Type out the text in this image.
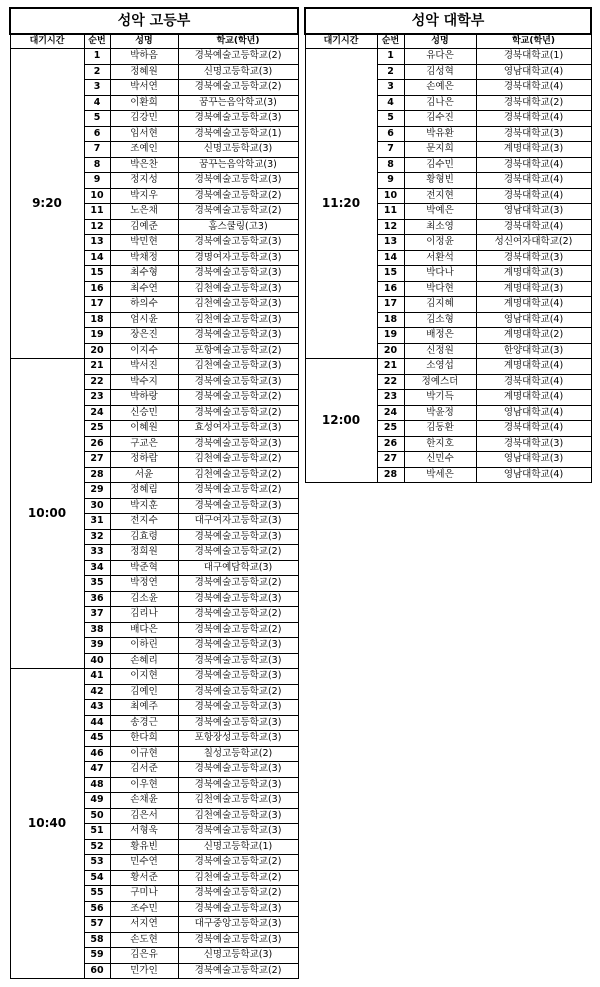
성악 고등부			
대기시간	순번	성명	학교(학년)
9:20	1	박하음	경북예술고등학교(2)
	2	정혜원	신명고등학교(3)
	3	박서연	경북예술고등학교(2)
	4	이환희	꿈꾸는음악학교(3)
	5	김강민	경북예술고등학교(3)
	6	임서현	경북예술고등학교(1)
	7	조예인	신명고등학교(3)
	8	박은찬	꿈꾸는음악학교(3)
	9	정지성	경북예술고등학교(3)
	10	박지우	경북예술고등학교(2)
	11	노은채	경북예술고등학교(2)
	12	김예준	홈스쿨링(고3)
	13	박민현	경북예술고등학교(3)
	14	박채정	경명여자고등학교(3)
	15	최수형	경북예술고등학교(3)
	16	최수연	김천예술고등학교(3)
	17	하의수	김천예술고등학교(3)
	18	엄시윤	김천예술고등학교(3)
	19	장은진	경북예술고등학교(3)
	20	이지수	포항예술고등학교(2)
10:00	21	박서진	김천예술고등학교(3)
	22	박수지	경북예술고등학교(3)
	23	박하랑	경북예술고등학교(2)
	24	신승민	경북예술고등학교(2)
	25	이혜원	효성여자고등학교(3)
	26	구교은	경북예술고등학교(3)
	27	정하람	김천예술고등학교(2)
	28	서윤	김천예술고등학교(2)
	29	정혜림	경북예술고등학교(2)
	30	박지훈	경북예술고등학교(3)
	31	전지수	대구여자고등학교(3)
	32	김효령	경북예술고등학교(3)
	33	정희원	경북예술고등학교(2)
	34	박준혁	대구예담학교(3)
	35	박정연	경북예술고등학교(2)
	36	김소윤	경북예술고등학교(3)
	37	김리나	경북예술고등학교(2)
	38	배다은	경북예술고등학교(2)
	39	이하린	경북예술고등학교(3)
	40	손혜리	경북예술고등학교(3)
10:40	41	이지현	경북예술고등학교(3)
	42	김예인	경북예술고등학교(2)
	43	최예주	경북예술고등학교(3)
	44	송경근	경북예술고등학교(3)
	45	한다희	포항장성고등학교(3)
	46	이규현	칠성고등학교(2)
	47	김서준	경북예술고등학교(3)
	48	이우현	경북예술고등학교(3)
	49	손채윤	김천예술고등학교(3)
	50	김은서	김천예술고등학교(3)
	51	서형욱	경북예술고등학교(3)
	52	황유빈	신명고등학교(1)
	53	민수연	경북예술고등학교(2)
	54	황서준	김천예술고등학교(2)
	55	구미나	경북예술고등학교(2)
	56	조수민	경북예술고등학교(3)
	57	서지연	대구중앙고등학교(3)
	58	손도현	경북예술고등학교(3)
	59	김은유	신명고등학교(3)
	60	민가인	경북예술고등학교(2)
성악 대학부			
대기시간	순번	성명	학교(학년)
11:20	1	유다은	경북대학교(1)
	2	김성혁	영남대학교(4)
	3	손예은	경북대학교(4)
	4	김나은	경북대학교(2)
	5	김수진	경북대학교(4)
	6	박유환	경북대학교(3)
	7	문지희	계명대학교(3)
	8	김수민	경북대학교(4)
	9	황형빈	경북대학교(4)
	10	전지현	경북대학교(4)
	11	박예은	영남대학교(3)
	12	최소영	경북대학교(4)
	13	이정윤	성신여자대학교(2)
	14	서환석	경북대학교(3)
	15	박다나	계명대학교(3)
	16	박다현	계명대학교(3)
	17	김지혜	계명대학교(4)
	18	김소형	영남대학교(4)
	19	배정은	계명대학교(2)
	20	신정원	한양대학교(3)
12:00	21	소영섭	계명대학교(4)
	22	정예스더	경북대학교(4)
	23	박기득	계명대학교(4)
	24	박윤정	영남대학교(4)
	25	김동환	경북대학교(4)
	26	한지호	경북대학교(3)
	27	신민수	영남대학교(3)
	28	박세은	영남대학교(4)
